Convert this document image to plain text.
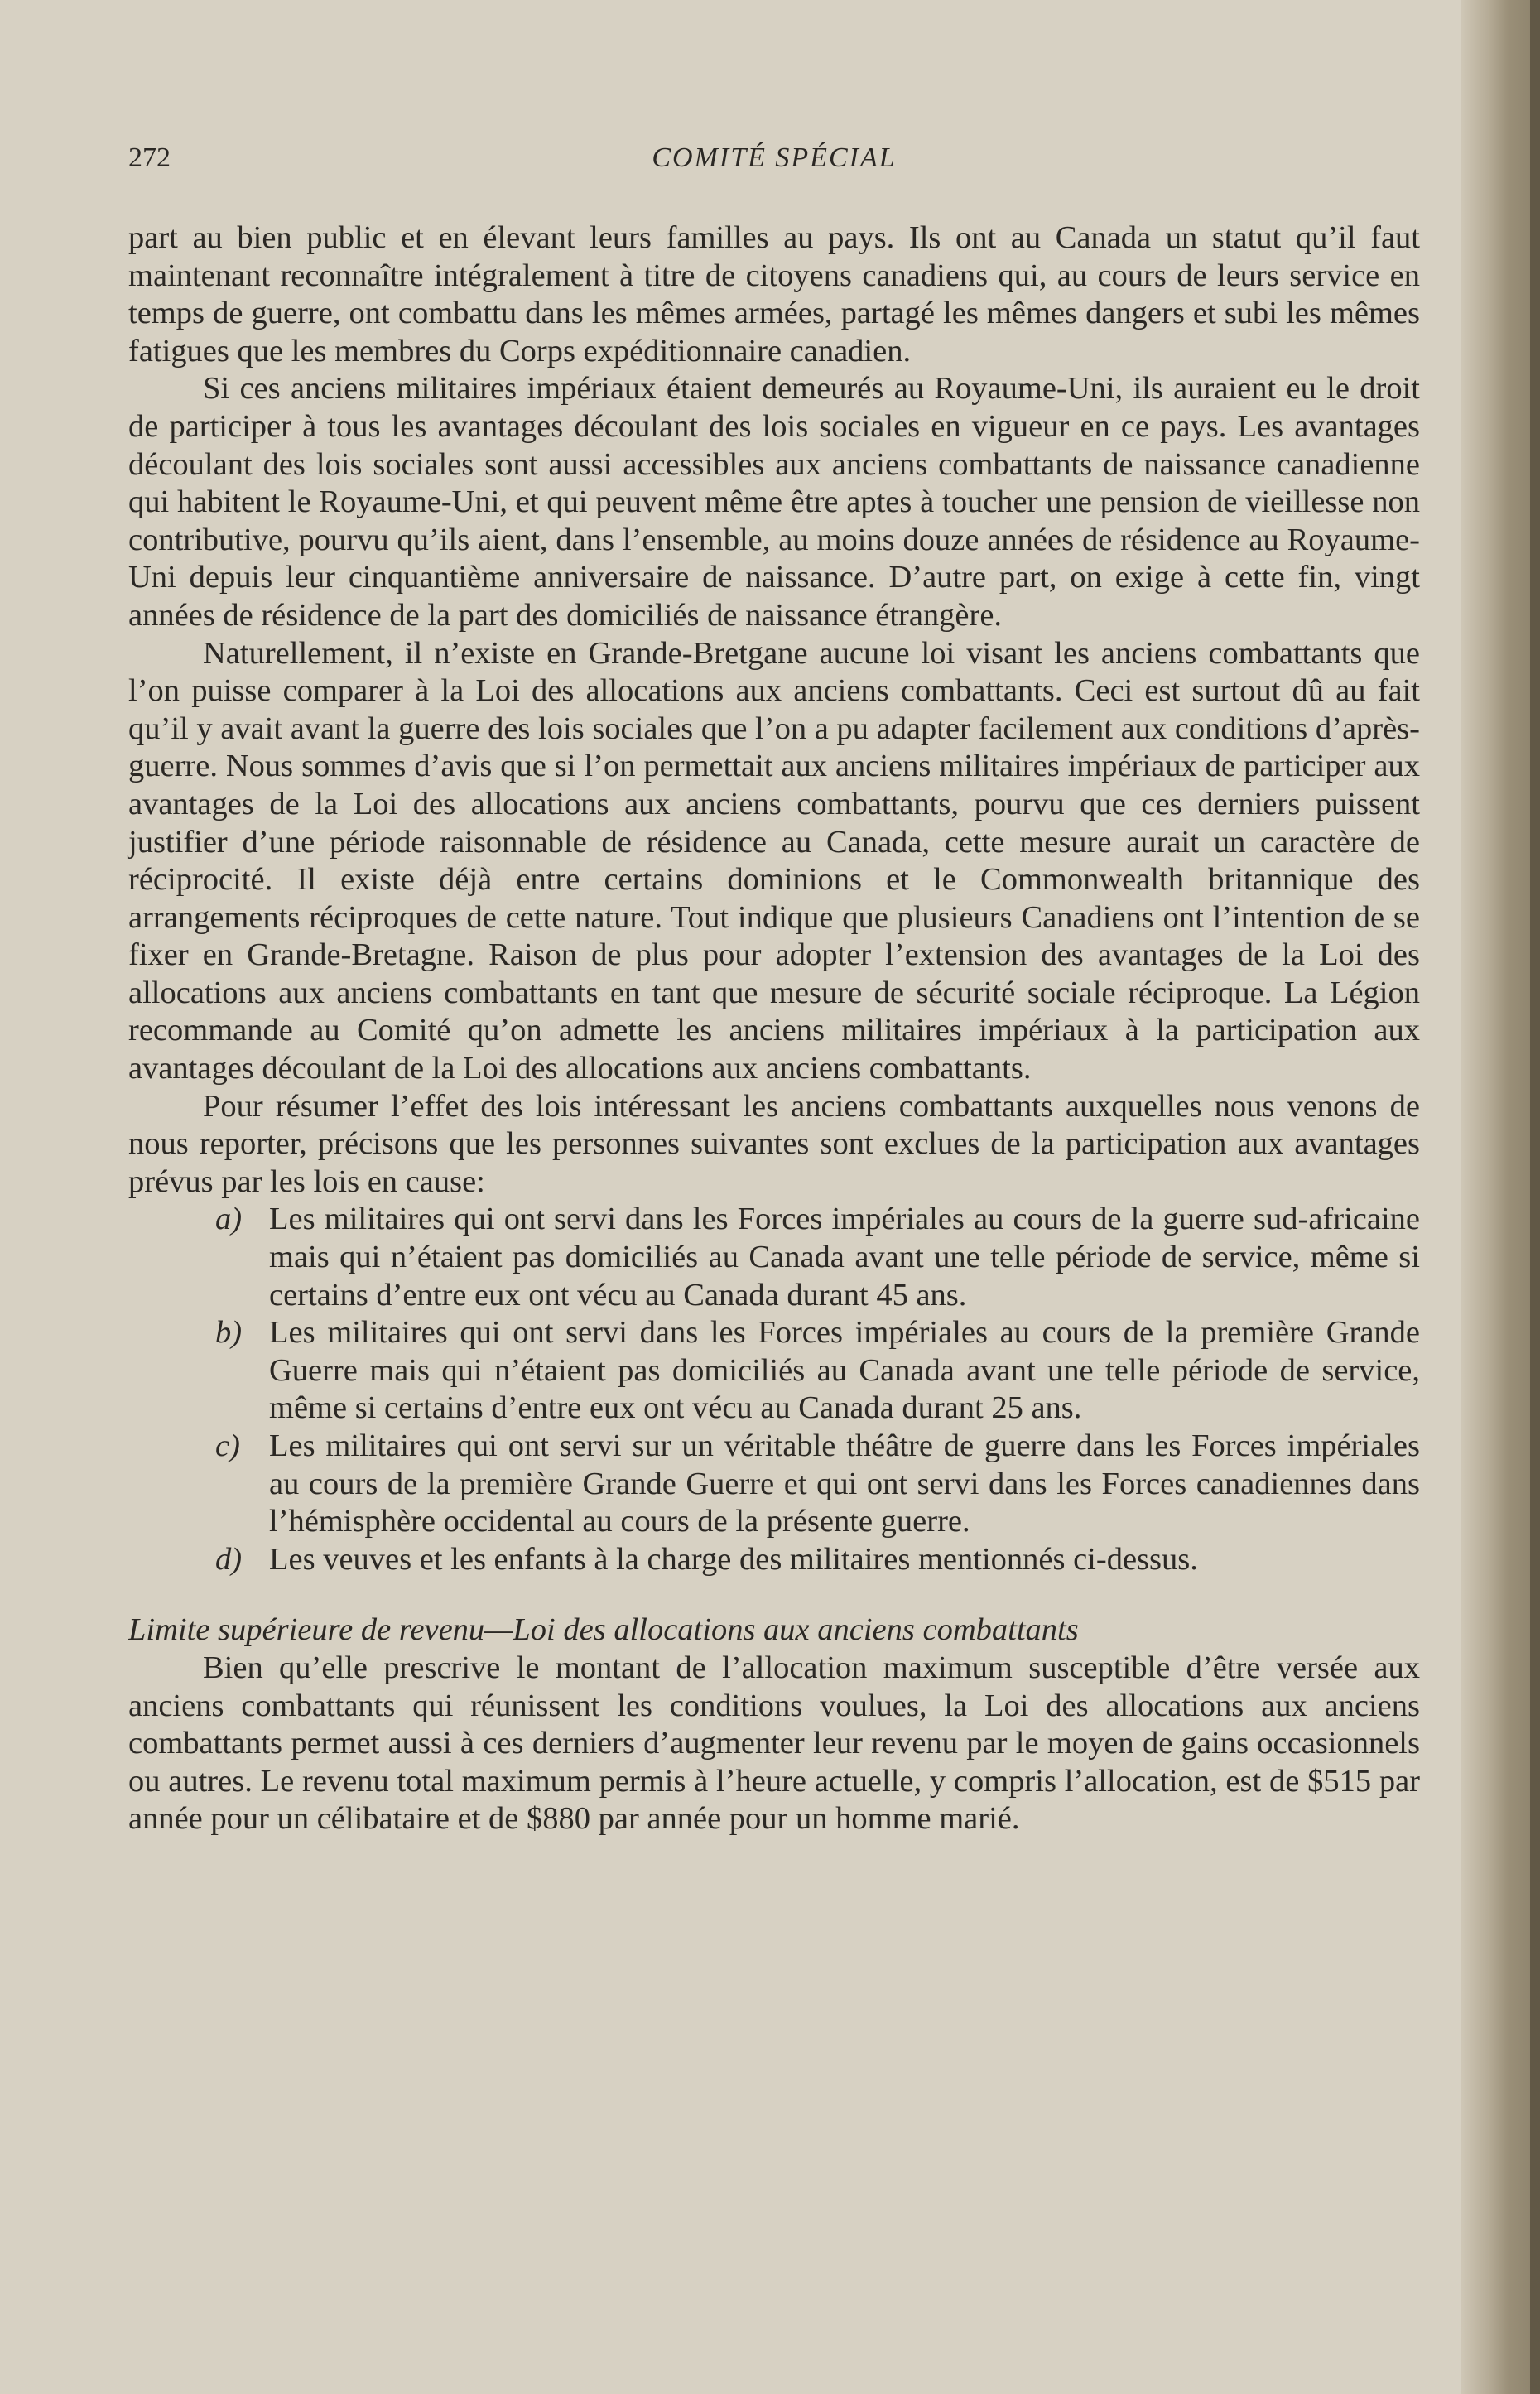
272	COMITÉ SPÉCIAL

part au bien public et en élevant leurs familles au pays. Ils ont au Canada un statut qu’il faut maintenant reconnaître intégralement à titre de citoyens canadiens qui, au cours de leurs service en temps de guerre, ont combattu dans les mêmes armées, partagé les mêmes dangers et subi les mêmes fatigues que les membres du Corps expéditionnaire canadien.

Si ces anciens militaires impériaux étaient demeurés au Royaume-Uni, ils auraient eu le droit de participer à tous les avantages découlant des lois sociales en vigueur en ce pays. Les avantages découlant des lois sociales sont aussi accessibles aux anciens combattants de naissance canadienne qui habitent le Royaume-Uni, et qui peuvent même être aptes à toucher une pension de vieillesse non contributive, pourvu qu’ils aient, dans l’ensemble, au moins douze années de résidence au Royaume-Uni depuis leur cinquantième anniversaire de naissance. D’autre part, on exige à cette fin, vingt années de résidence de la part des domiciliés de naissance étrangère.

Naturellement, il n’existe en Grande-Bretgane aucune loi visant les anciens combattants que l’on puisse comparer à la Loi des allocations aux anciens combattants. Ceci est surtout dû au fait qu’il y avait avant la guerre des lois sociales que l’on a pu adapter facilement aux conditions d’après-guerre. Nous sommes d’avis que si l’on permettait aux anciens militaires impériaux de participer aux avantages de la Loi des allocations aux anciens combattants, pourvu que ces derniers puissent justifier d’une période raisonnable de résidence au Canada, cette mesure aurait un caractère de réciprocité. Il existe déjà entre certains dominions et le Commonwealth britannique des arrangements réciproques de cette nature. Tout indique que plusieurs Canadiens ont l’intention de se fixer en Grande-Bretagne. Raison de plus pour adopter l’extension des avantages de la Loi des allocations aux anciens combattants en tant que mesure de sécurité sociale réciproque. La Légion recommande au Comité qu’on admette les anciens militaires impériaux à la participation aux avantages découlant de la Loi des allocations aux anciens combattants.

Pour résumer l’effet des lois intéressant les anciens combattants auxquelles nous venons de nous reporter, précisons que les personnes suivantes sont exclues de la participation aux avantages prévus par les lois en cause:

a) Les militaires qui ont servi dans les Forces impériales au cours de la guerre sud-africaine mais qui n’étaient pas domiciliés au Canada avant une telle période de service, même si certains d’entre eux ont vécu au Canada durant 45 ans.
b) Les militaires qui ont servi dans les Forces impériales au cours de la première Grande Guerre mais qui n’étaient pas domiciliés au Canada avant une telle période de service, même si certains d’entre eux ont vécu au Canada durant 25 ans.
c) Les militaires qui ont servi sur un véritable théâtre de guerre dans les Forces impériales au cours de la première Grande Guerre et qui ont servi dans les Forces canadiennes dans l’hémisphère occidental au cours de la présente guerre.
d) Les veuves et les enfants à la charge des militaires mentionnés ci-dessus.

Limite supérieure de revenu—Loi des allocations aux anciens combattants

Bien qu’elle prescrive le montant de l’allocation maximum susceptible d’être versée aux anciens combattants qui réunissent les conditions voulues, la Loi des allocations aux anciens combattants permet aussi à ces derniers d’augmenter leur revenu par le moyen de gains occasionnels ou autres. Le revenu total maximum permis à l’heure actuelle, y compris l’allocation, est de $515 par année pour un célibataire et de $880 par année pour un homme marié.
